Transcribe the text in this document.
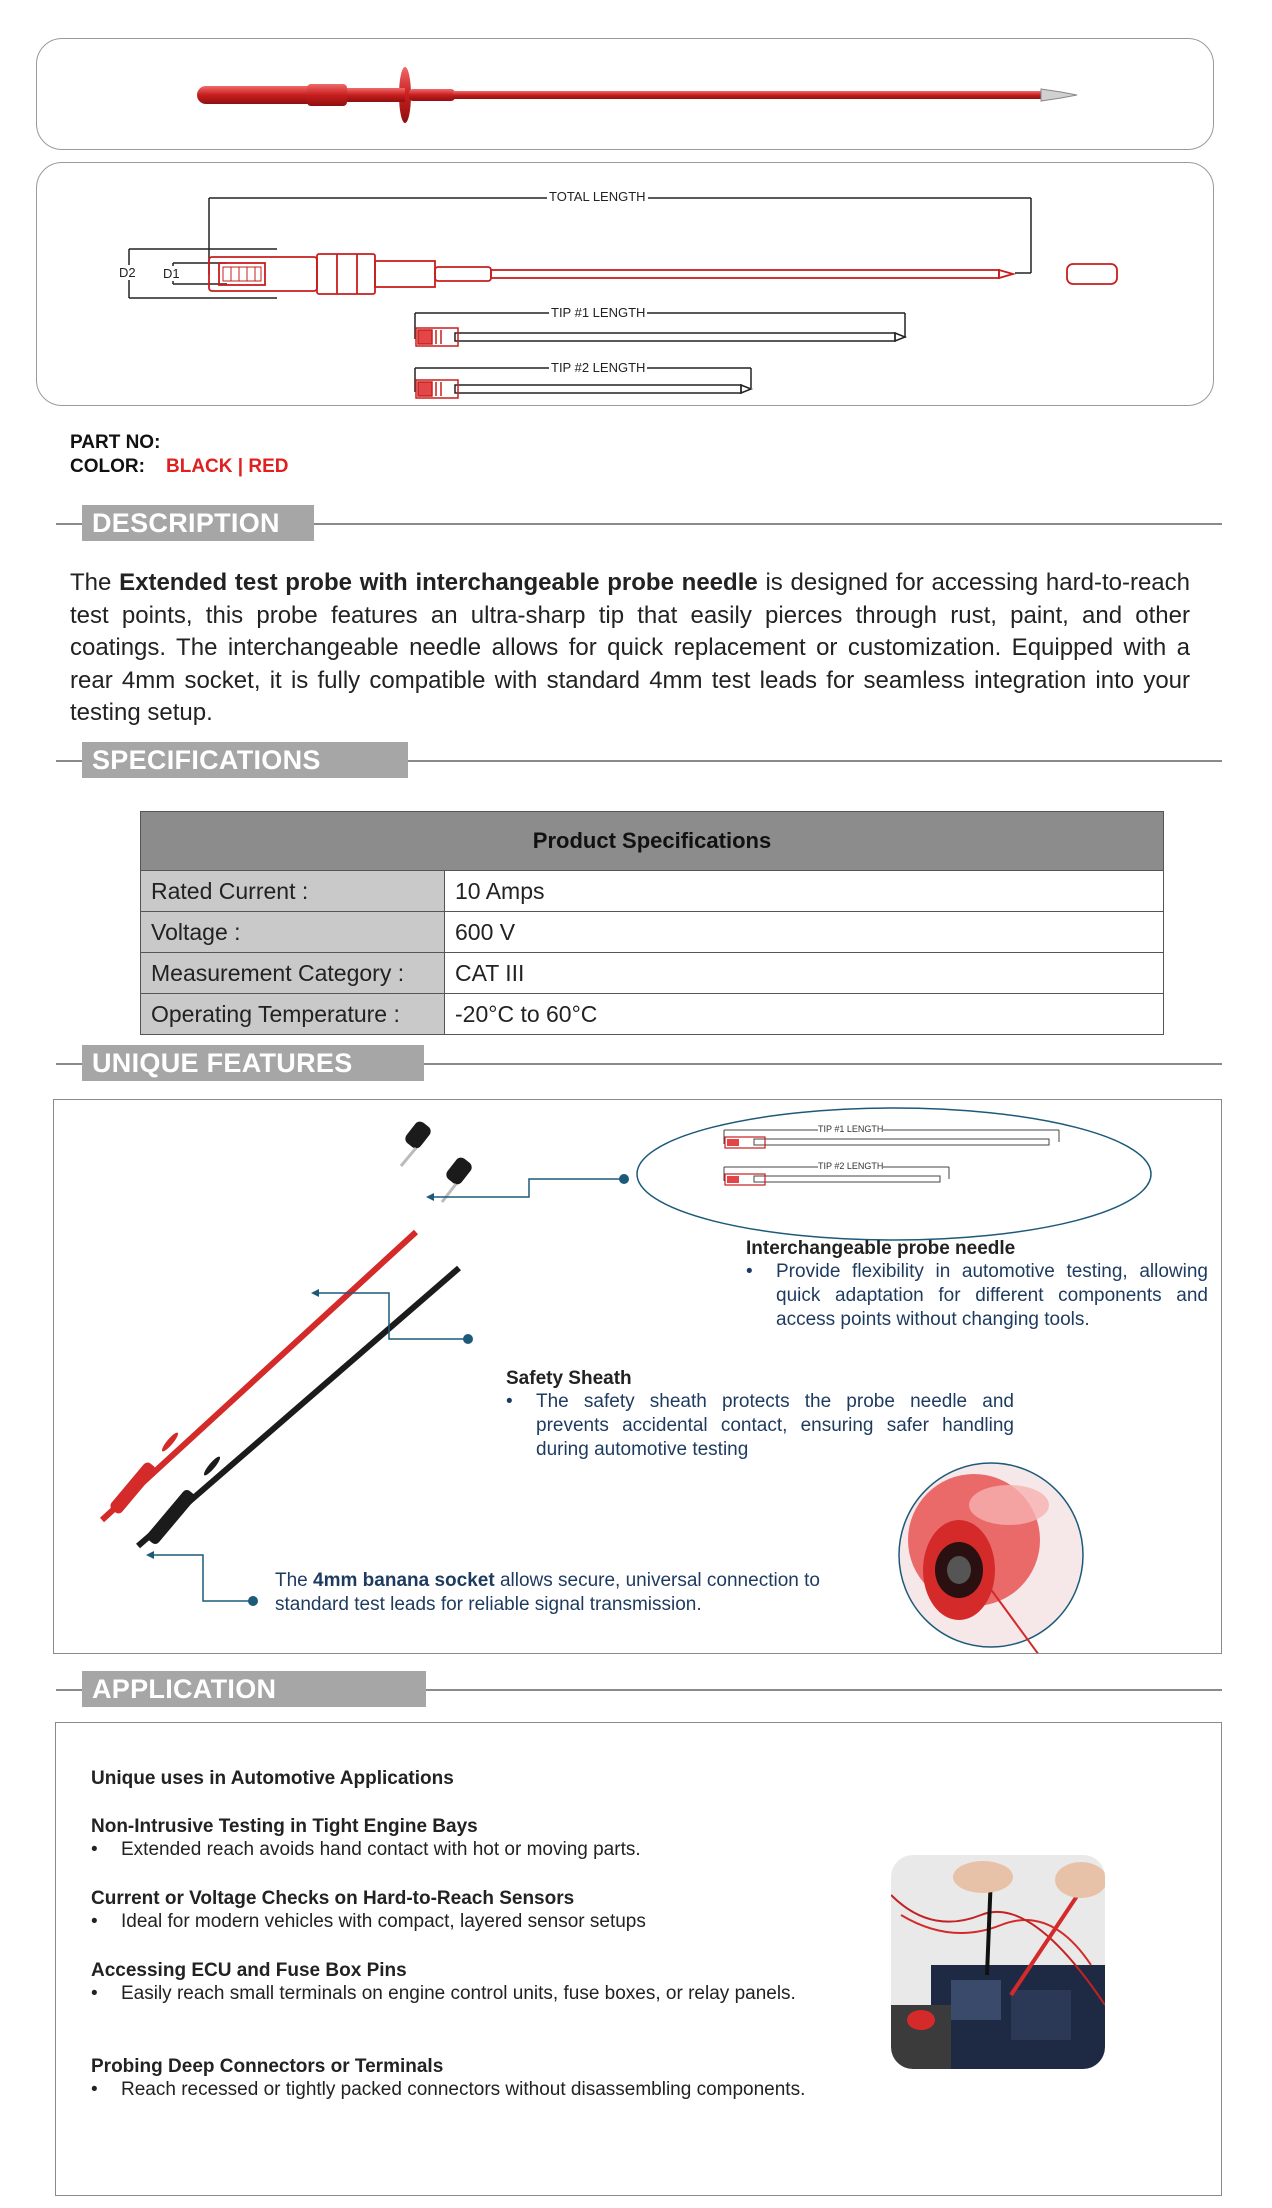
TOTAL LENGTH
D2 D1
TIP #1 LENGTH
TIP #2 LENGTH
PART NO:
COLOR: BLACK | RED
DESCRIPTION
The Extended test probe with interchangeable probe needle is designed for accessing hard-to-reach test points, this probe features an ultra-sharp tip that easily pierces through rust, paint, and other coatings. The interchangeable needle allows for quick replacement or customization. Equipped with a rear 4mm socket, it is fully compatible with standard 4mm test leads for seamless integration into your testing setup.
SPECIFICATIONS
Product Specifications	
Rated Current :	10 Amps
Voltage :	600 V
Measurement Category :	CAT III
Operating Temperature :	-20°C to 60°C
UNIQUE FEATURES
TIP #1 LENGTH
TIP #2 LENGTH
Interchangeable probe needle
•	Provide flexibility in automotive testing, allowing quick adaptation for different components and access points without changing tools.
Safety Sheath
•	The safety sheath protects the probe needle and prevents accidental contact, ensuring safer handling during automotive testing
The 4mm banana socket allows secure, universal connection to standard test leads for reliable signal transmission.
APPLICATION
Unique uses in Automotive Applications
Non-Intrusive Testing in Tight Engine Bays
•	Extended reach avoids hand contact with hot or moving parts.
Current or Voltage Checks on Hard-to-Reach Sensors
•	Ideal for modern vehicles with compact, layered sensor setups
Accessing ECU and Fuse Box Pins
•	Easily reach small terminals on engine control units, fuse boxes, or relay panels.
Probing Deep Connectors or Terminals
•	Reach recessed or tightly packed connectors without disassembling components.
